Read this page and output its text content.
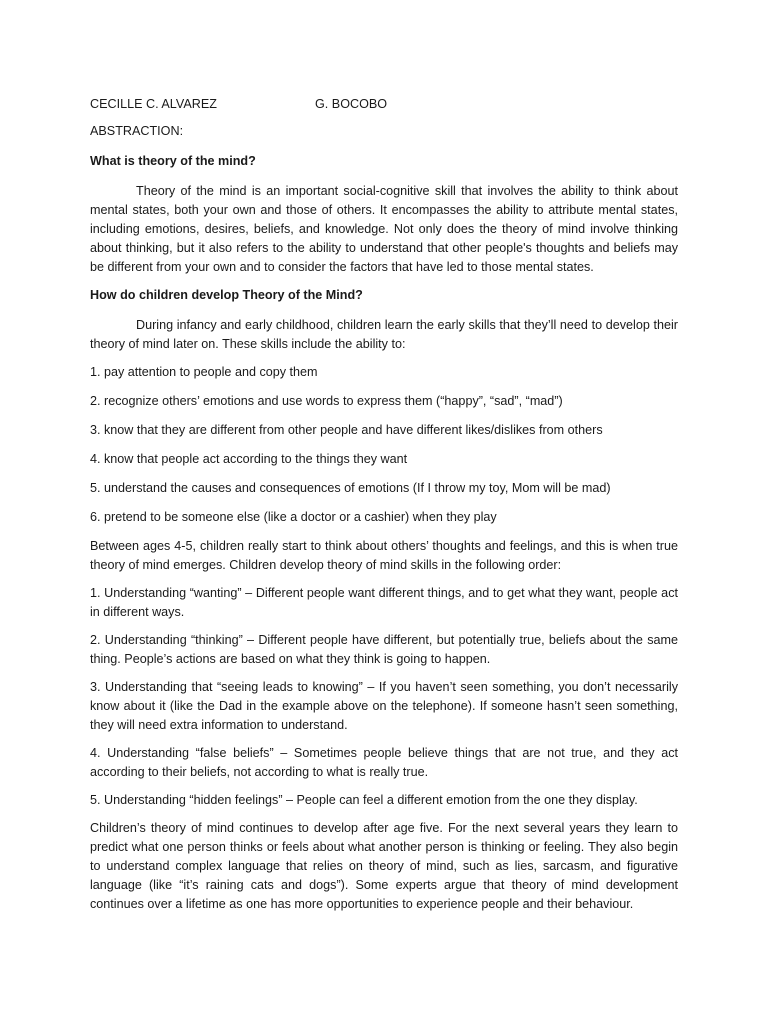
CECILLE C. ALVAREZ	G. BOCOBO

ABSTRACTION:

What is theory of the mind?

Theory of the mind is an important social-cognitive skill that involves the ability to think about mental states, both your own and those of others. It encompasses the ability to attribute mental states, including emotions, desires, beliefs, and knowledge. Not only does the theory of mind involve thinking about thinking, but it also refers to the ability to understand that other people's thoughts and beliefs may be different from your own and to consider the factors that have led to those mental states.

How do children develop Theory of the Mind?

During infancy and early childhood, children learn the early skills that they’ll need to develop their theory of mind later on. These skills include the ability to:

1. pay attention to people and copy them
2. recognize others’ emotions and use words to express them (“happy”, “sad”, “mad”)
3. know that they are different from other people and have different likes/dislikes from others
4. know that people act according to the things they want
5. understand the causes and consequences of emotions (If I throw my toy, Mom will be mad)
6. pretend to be someone else (like a doctor or a cashier) when they play

Between ages 4-5, children really start to think about others’ thoughts and feelings, and this is when true theory of mind emerges. Children develop theory of mind skills in the following order:

1. Understanding “wanting” – Different people want different things, and to get what they want, people act in different ways.

2. Understanding “thinking” – Different people have different, but potentially true, beliefs about the same thing. People’s actions are based on what they think is going to happen.

3. Understanding that “seeing leads to knowing” – If you haven’t seen something, you don’t necessarily know about it (like the Dad in the example above on the telephone). If someone hasn’t seen something, they will need extra information to understand.

4. Understanding “false beliefs” – Sometimes people believe things that are not true, and they act according to their beliefs, not according to what is really true.

5. Understanding “hidden feelings” – People can feel a different emotion from the one they display.

Children’s theory of mind continues to develop after age five. For the next several years they learn to predict what one person thinks or feels about what another person is thinking or feeling. They also begin to understand complex language that relies on theory of mind, such as lies, sarcasm, and figurative language (like “it’s raining cats and dogs”). Some experts argue that theory of mind development continues over a lifetime as one has more opportunities to experience people and their behaviour.
